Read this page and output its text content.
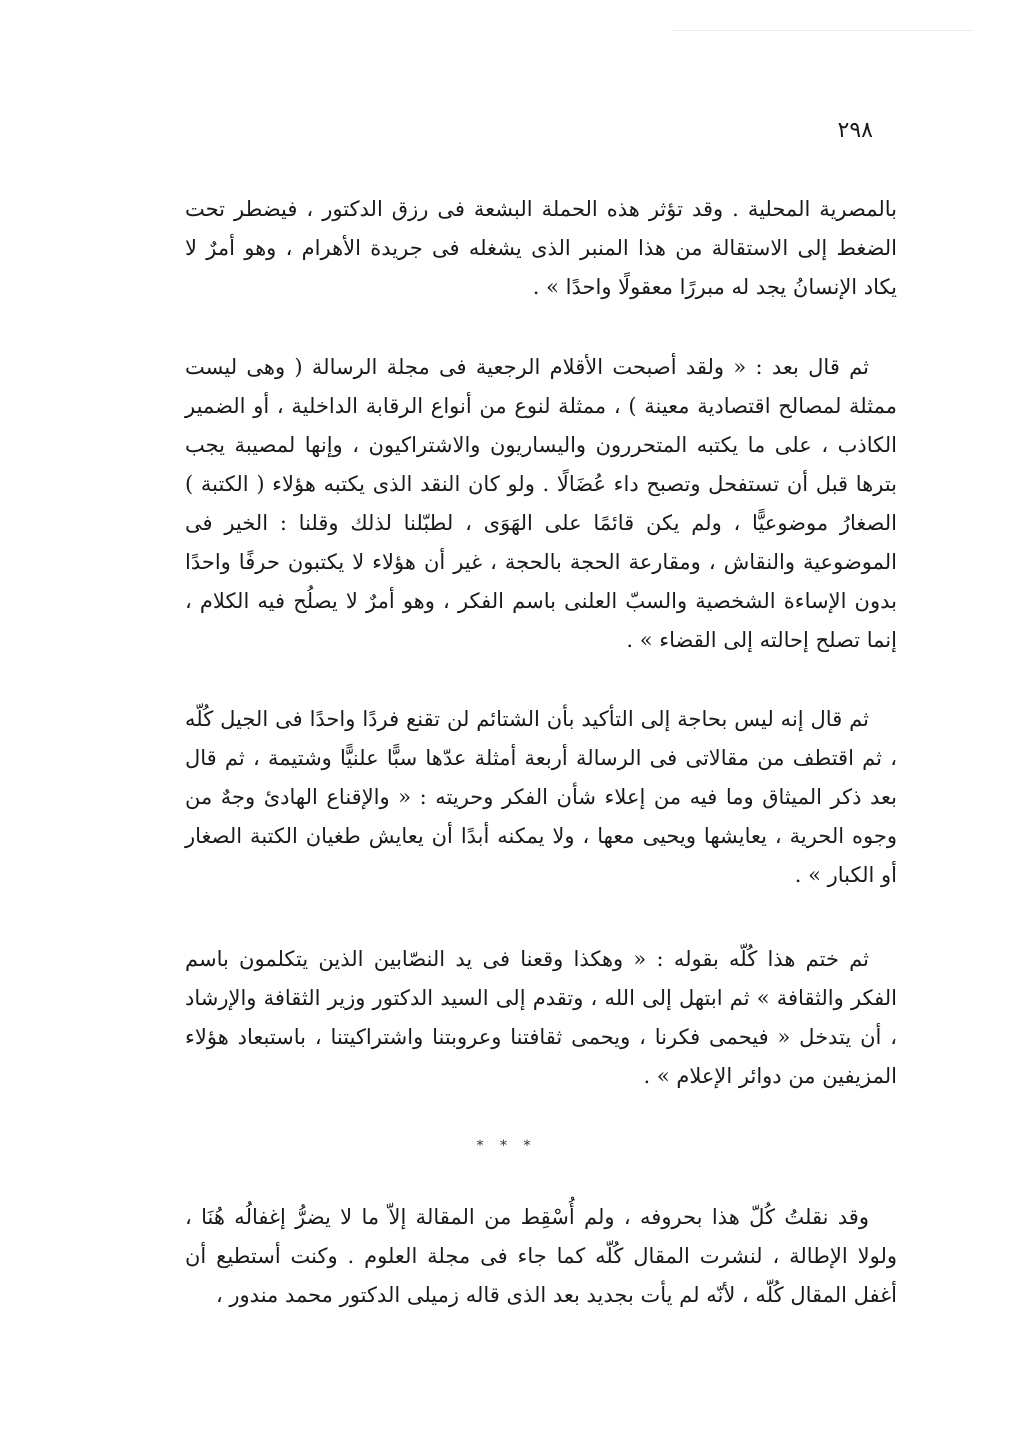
٢٩٨

بالمصرية المحلية . وقد تؤثر هذه الحملة البشعة فى رزق الدكتور ، فيضطر تحت الضغط إلى الاستقالة من هذا المنبر الذى يشغله فى جريدة الأهرام ، وهو أمرٌ لا يكاد الإنسانُ يجد له مبررًا معقولًا واحدًا » .

ثم قال بعد : « ولقد أصبحت الأقلام الرجعية فى مجلة الرسالة ( وهى ليست ممثلة لمصالح اقتصادية معينة ) ، ممثلة لنوع من أنواع الرقابة الداخلية ، أو الضمير الكاذب ، على ما يكتبه المتحررون واليساريون والاشتراكيون ، وإنها لمصيبة يجب بترها قبل أن تستفحل وتصبح داء عُضَالًا . ولو كان النقد الذى يكتبه هؤلاء ( الكتبة ) الصغارُ موضوعيًّا ، ولم يكن قائمًا على الهَوَى ، لطبّلنا لذلك وقلنا : الخير فى الموضوعية والنقاش ، ومقارعة الحجة بالحجة ، غير أن هؤلاء لا يكتبون حرفًا واحدًا بدون الإساءة الشخصية والسبّ العلنى باسم الفكر ، وهو أمرٌ لا يصلُح فيه الكلام ، إنما تصلح إحالته إلى القضاء » .

ثم قال إنه ليس بحاجة إلى التأكيد بأن الشتائم لن تقنع فردًا واحدًا فى الجيل كُلّه ، ثم اقتطف من مقالاتى فى الرسالة أربعة أمثلة عدّها سبًّا علنيًّا وشتيمة ، ثم قال بعد ذكر الميثاق وما فيه من إعلاء شأن الفكر وحريته : « والإقناع الهادئ وجهٌ من وجوه الحرية ، يعايشها ويحيى معها ، ولا يمكنه أبدًا أن يعايش طغيان الكتبة الصغار أو الكبار » .

ثم ختم هذا كُلّه بقوله : « وهكذا وقعنا فى يد النصّابين الذين يتكلمون باسم الفكر والثقافة » ثم ابتهل إلى الله ، وتقدم إلى السيد الدكتور وزير الثقافة والإرشاد ، أن يتدخل « فيحمى فكرنا ، ويحمى ثقافتنا وعروبتنا واشتراكيتنا ، باستبعاد هؤلاء المزيفين من دوائر الإعلام » .

* * *

وقد نقلتُ كُلّ هذا بحروفه ، ولم أُسْقِط من المقالة إلاّ ما لا يضرُّ إغفالُه هُنَا ، ولولا الإطالة ، لنشرت المقال كُلّه كما جاء فى مجلة العلوم . وكنت أستطيع أن أغفل المقال كُلّه ، لأنّه لم يأت بجديد بعد الذى قاله زميلى الدكتور محمد مندور ،
